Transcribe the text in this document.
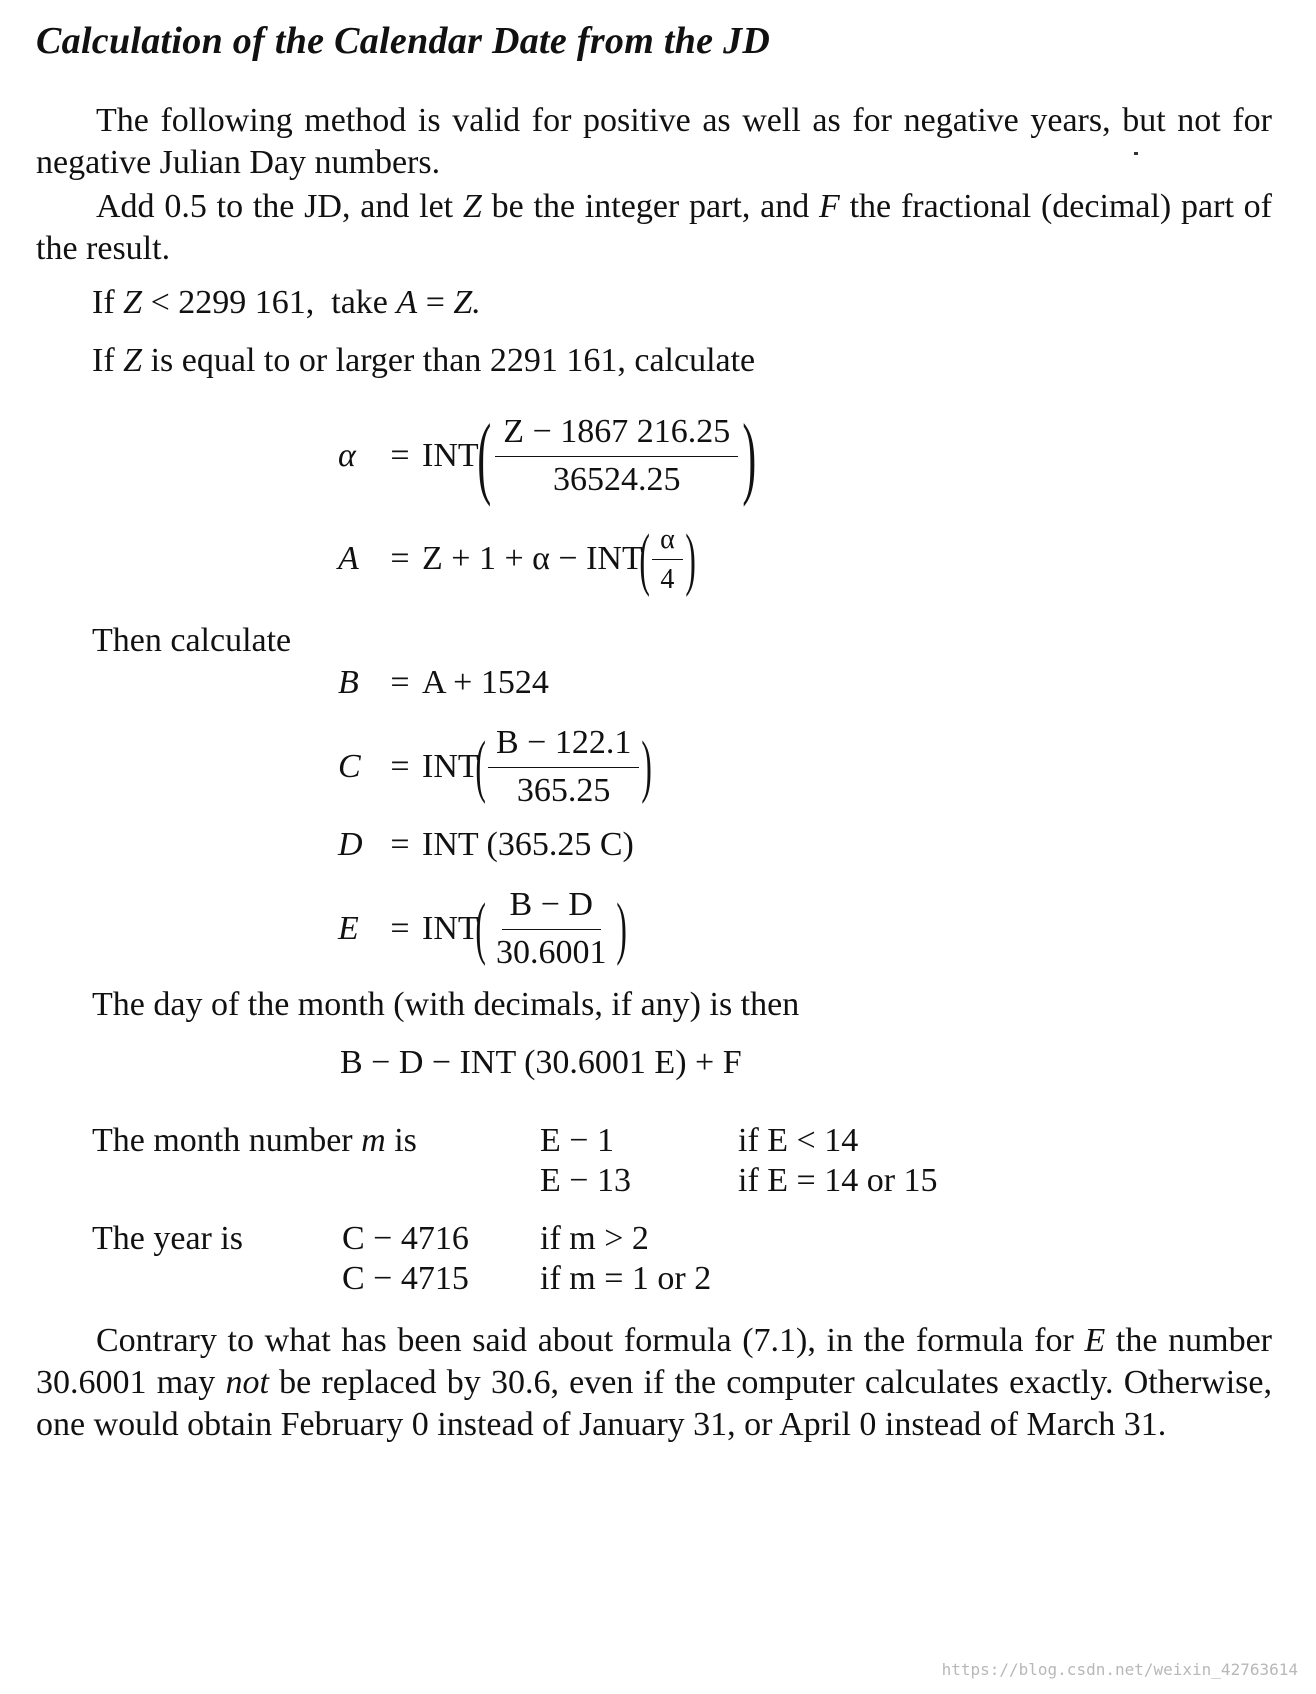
Calculation of the Calendar Date from the JD
The following method is valid for positive as well as for negative years, but not for negative Julian Day numbers.
Add 0.5 to the JD, and let Z be the integer part, and F the fractional (decimal) part of the result.
If Z < 2299 161, take A = Z.
If Z is equal to or larger than 2291 161, calculate
α	= INT
( $\frac{Z - 1867 216.25}{36524.25}$ )
A = Z + 1 + α − INT
( $\frac{\alpha}{4}$ )
Then calculate
B = A + 1524
C = INT
( $\frac{B - 122.1}{365.25}$ )
D = INT (365.25 C)
E = INT
( $\frac{B - D}{30.6001}$ )
The day of the month (with decimals, if any) is then
B − D − INT (30.6001 E) + F
The month number m is	E − 1	if E < 14
E − 13	if E = 14 or 15
The year is	C − 4716 if m > 2
C − 4715 if m = 1 or 2
Contrary to what has been said about formula (7.1), in the formula for E the number 30.6001 may not be replaced by 30.6, even if the computer calculates exactly. Otherwise, one would obtain February 0 instead of January 31, or April 0 instead of March 31.
https://blog.csdn.net/weixin_42763614
